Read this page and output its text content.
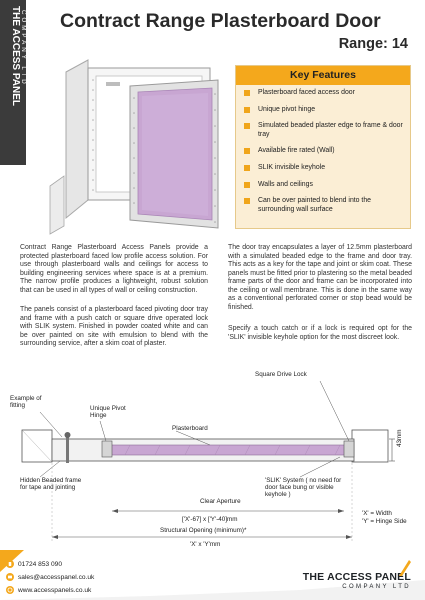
THE ACCESS PANEL COMPANY LTD Contract Range Plasterboard Door
Range: 14
Key Features
Plasterboard faced access door
Unique pivot hinge
Simulated beaded plaster edge to frame & door tray
Available fire rated (Wall)
SLIK invisible keyhole
Walls and ceilings
Can be over painted to blend into the surrounding wall surface
Contract Range Plasterboard Access Panels provide a protected plasterboard faced low profile access solution. For use through plasterboard walls and ceilings for access to building engineering services where space is at a premium. The narrow profile produces a lightweight, robust solution that can be used in all types of wall or ceiling construction.
The panels consist of a plasterboard faced pivoting door tray and frame with a push catch or square drive operated lock with SLIK system. Finished in powder coated white and can be over painted on site with emulsion to blend with the surrounding service, after a skim coat of plaster.
The door tray encapsulates a layer of 12.5mm plasterboard with a simulated beaded edge to the frame and door tray. This acts as a key for the tape and joint or skim coat. These panels must be fitted prior to plastering so the metal beaded frame parts of the door and frame can be incorporated into the ceiling or wall membrane. This is done in the same way as a conventional perforated corner or stop bead would be finished.
Specify a touch catch or if a lock is required opt for the 'SLIK' invisible keyhole option for the most discreet look.
Square Drive Lock
Example of fitting	Unique Pivot Hinge
Plasterboard
43mm
Hidden Beaded frame for tape and jointing
'SLIK' System ( no need for door face bung or visible keyhole )
Clear Aperture
['X'-67] x ['Y'-40]mm
'X' = Width
'Y' = Hinge Side
Structural Opening (minimum)*
'X' x 'Y'mm
01724 853 090
sales@accesspanel.co.uk
www.accesspanels.co.uk
THE ACCESS PANEL
COMPANY LTD
